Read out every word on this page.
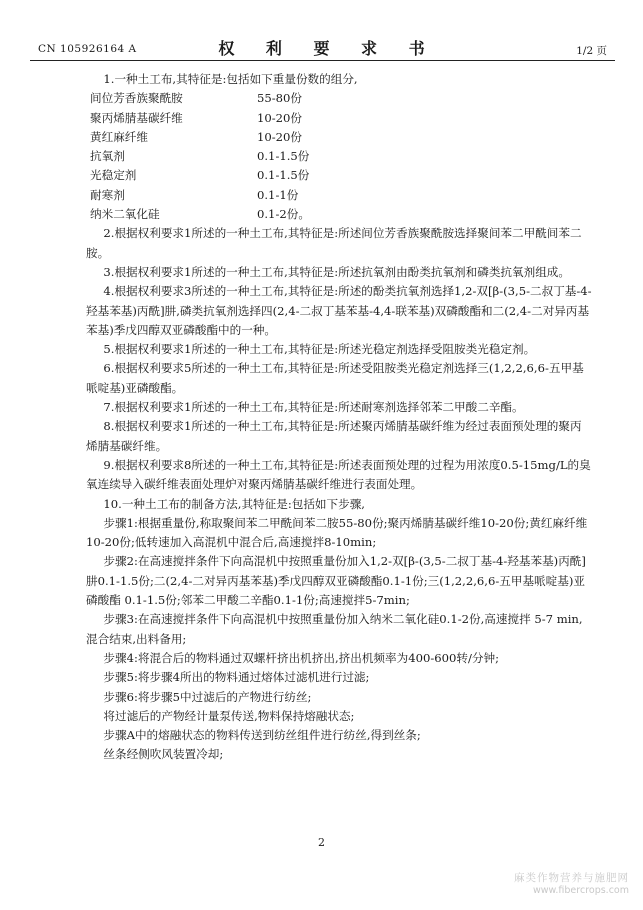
CN 105926164 A	权 利 要 求 书	1/2 页

1.一种土工布,其特征是:包括如下重量份数的组分,

间位芳香族聚酰胺	55-80份
聚丙烯腈基碳纤维	10-20份
黄红麻纤维	10-20份
抗氧剂	0.1-1.5份
光稳定剂	0.1-1.5份
耐寒剂	0.1-1份
纳米二氧化硅	0.1-2份。

2.根据权利要求1所述的一种土工布,其特征是:所述间位芳香族聚酰胺选择聚间苯二甲酰间苯二胺。

3.根据权利要求1所述的一种土工布,其特征是:所述抗氧剂由酚类抗氧剂和磷类抗氧剂组成。

4.根据权利要求3所述的一种土工布,其特征是:所述的酚类抗氧剂选择1,2-双[β-(3,5-二叔丁基-4-羟基苯基)丙酰]肼,磷类抗氧剂选择四(2,4-二叔丁基苯基-4,4-联苯基)双磷酸酯和二(2,4-二对异丙基苯基)季戊四醇双亚磷酸酯中的一种。

5.根据权利要求1所述的一种土工布,其特征是:所述光稳定剂选择受阻胺类光稳定剂。

6.根据权利要求5所述的一种土工布,其特征是:所述受阻胺类光稳定剂选择三(1,2,2,6,6-五甲基哌啶基)亚磷酸酯。

7.根据权利要求1所述的一种土工布,其特征是:所述耐寒剂选择邻苯二甲酸二辛酯。

8.根据权利要求1所述的一种土工布,其特征是:所述聚丙烯腈基碳纤维为经过表面预处理的聚丙烯腈基碳纤维。

9.根据权利要求8所述的一种土工布,其特征是:所述表面预处理的过程为用浓度0.5-15mg/L的臭氧连续导入碳纤维表面处理炉对聚丙烯腈基碳纤维进行表面处理。

10.一种土工布的制备方法,其特征是:包括如下步骤,

步骤1:根据重量份,称取聚间苯二甲酰间苯二胺55-80份;聚丙烯腈基碳纤维10-20份;黄红麻纤维10-20份;低转速加入高混机中混合后,高速搅拌8-10min;

步骤2:在高速搅拌条件下向高混机中按照重量份加入1,2-双[β-(3,5-二叔丁基-4-羟基苯基)丙酰]肼0.1-1.5份;二(2,4-二对异丙基苯基)季戊四醇双亚磷酸酯0.1-1份;三(1,2,2,6,6-五甲基哌啶基)亚磷酸酯 0.1-1.5份;邻苯二甲酸二辛酯0.1-1份;高速搅拌5-7min;

步骤3:在高速搅拌条件下向高混机中按照重量份加入纳米二氧化硅0.1-2份,高速搅拌 5-7 min,混合结束,出料备用;

步骤4:将混合后的物料通过双螺杆挤出机挤出,挤出机频率为400-600转/分钟;

步骤5:将步骤4所出的物料通过熔体过滤机进行过滤;

步骤6:将步骤5中过滤后的产物进行纺丝;

将过滤后的产物经计量泵传送,物料保持熔融状态;

步骤A中的熔融状态的物料传送到纺丝组件进行纺丝,得到丝条;

丝条经侧吹风装置冷却;

2
麻类作物营养与施肥网
www.fibercrops.com
